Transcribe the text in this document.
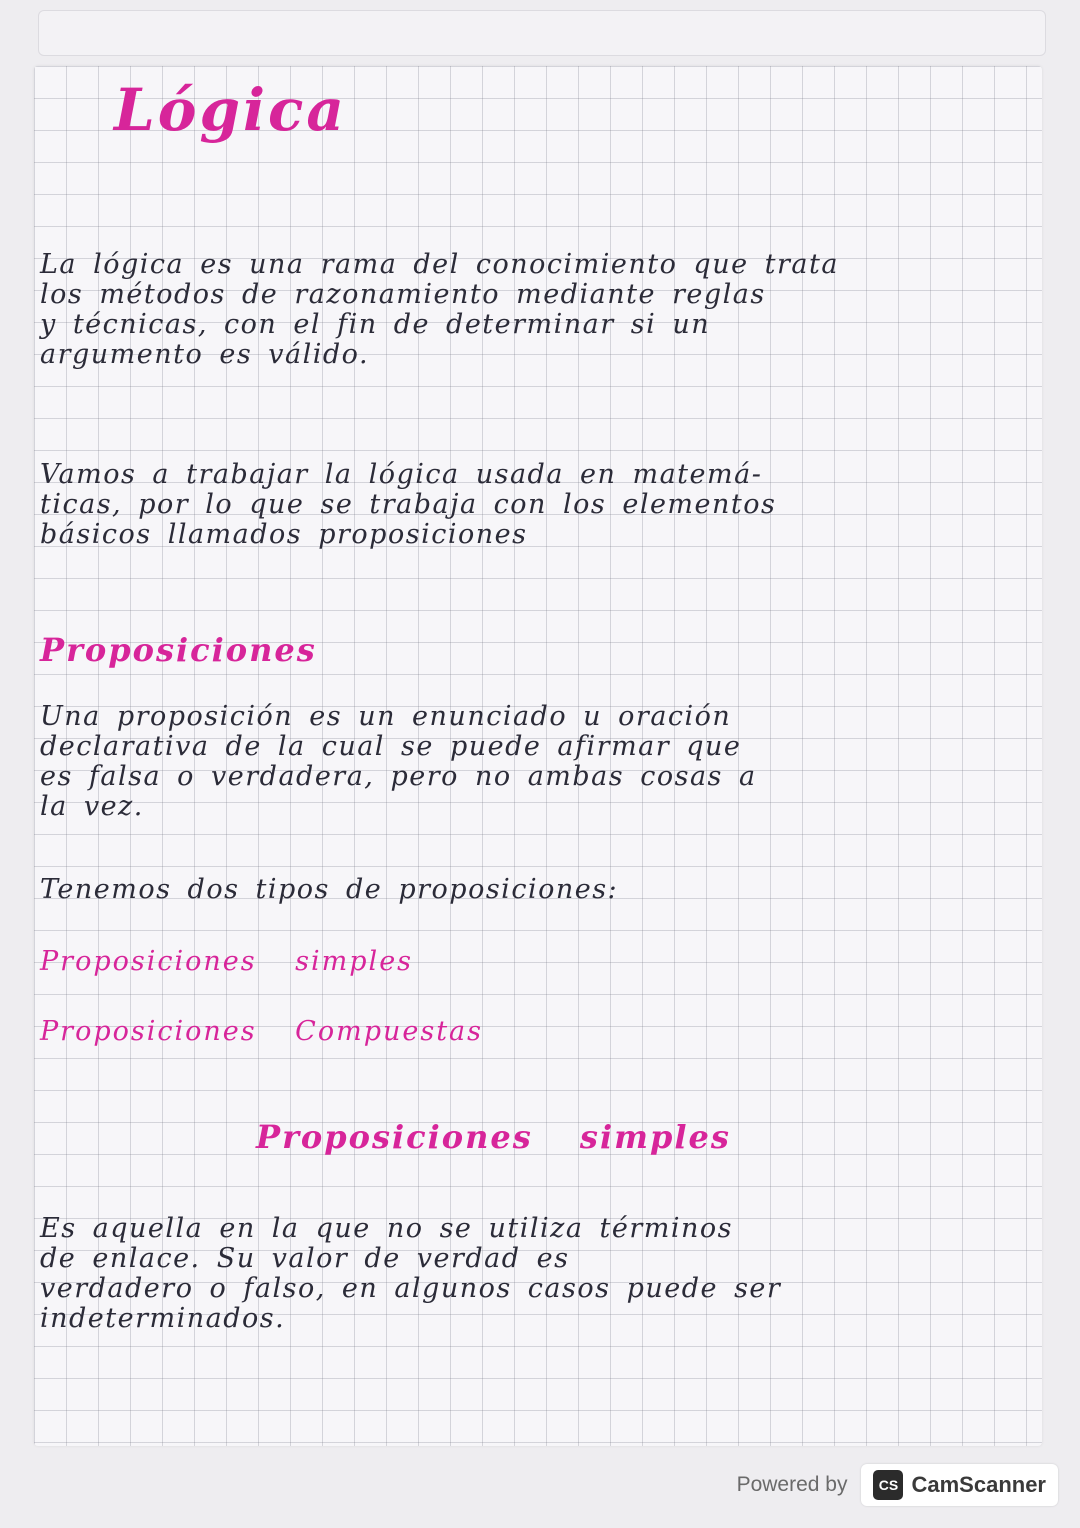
Lógica
La lógica es una rama del conocimiento que trata
los métodos de razonamiento mediante reglas
y técnicas, con el fin de determinar si un
argumento es válido.
Vamos a trabajar la lógica usada en matemá-
ticas, por lo que se trabaja con los elementos
básicos llamados proposiciones
Proposiciones
Una proposición es un enunciado u oración
declarativa de la cual se puede afirmar que
es falsa o verdadera, pero no ambas cosas a
la vez.

Tenemos dos tipos de proposiciones:

Proposiciones simples

Proposiciones Compuestas

Proposiciones simples
Es aquella en la que no se utiliza términos
de enlace. Su valor de verdad es
verdadero o falso, en algunos casos puede ser
indeterminados.
Powered by	CS CamScanner
